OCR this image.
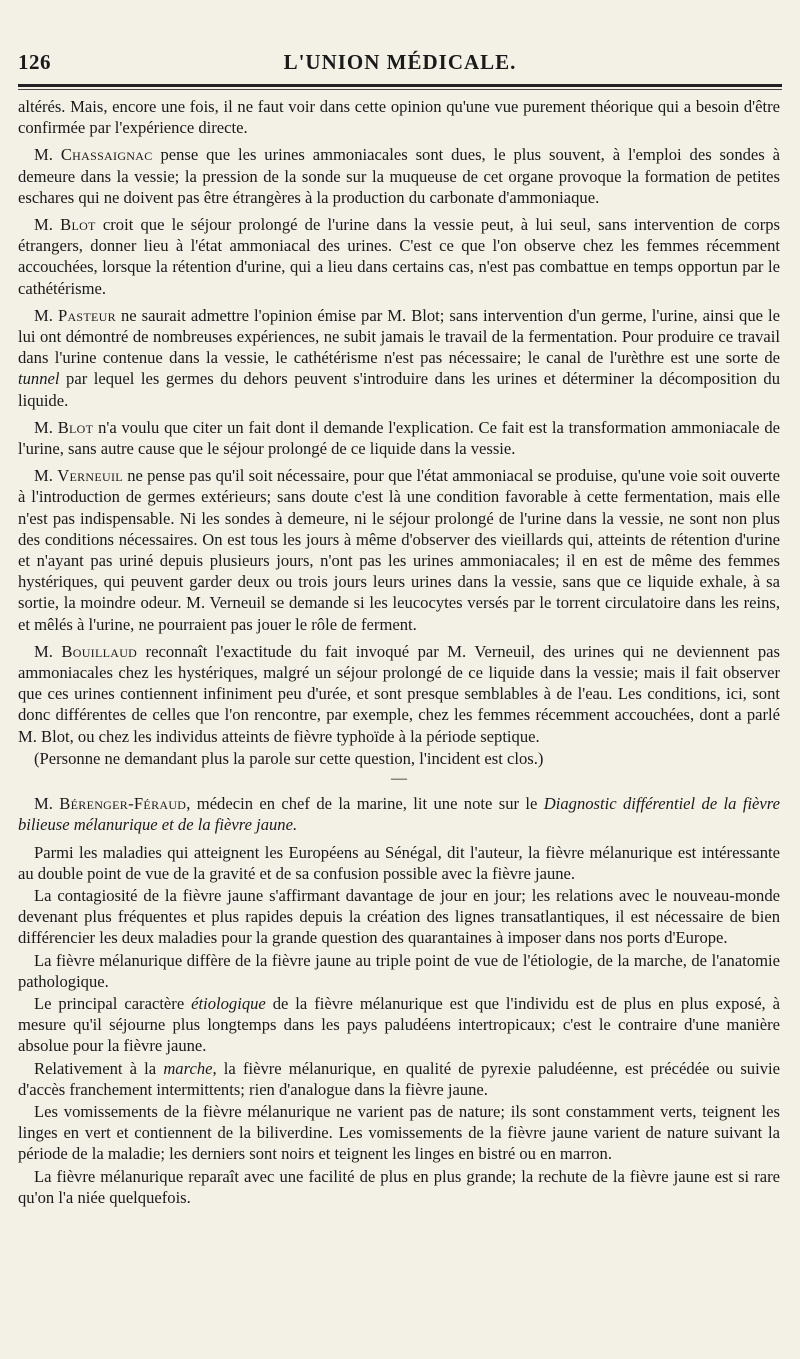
126	L'UNION MÉDICALE.

altérés. Mais, encore une fois, il ne faut voir dans cette opinion qu'une vue purement théorique qui a besoin d'être confirmée par l'expérience directe.

M. Chassaignac pense que les urines ammoniacales sont dues, le plus souvent, à l'emploi des sondes à demeure dans la vessie; la pression de la sonde sur la muqueuse de cet organe provoque la formation de petites eschares qui ne doivent pas être étrangères à la production du carbonate d'ammoniaque.

M. Blot croit que le séjour prolongé de l'urine dans la vessie peut, à lui seul, sans intervention de corps étrangers, donner lieu à l'état ammoniacal des urines. C'est ce que l'on observe chez les femmes récemment accouchées, lorsque la rétention d'urine, qui a lieu dans certains cas, n'est pas combattue en temps opportun par le cathétérisme.

M. Pasteur ne saurait admettre l'opinion émise par M. Blot; sans intervention d'un germe, l'urine, ainsi que le lui ont démontré de nombreuses expériences, ne subit jamais le travail de la fermentation. Pour produire ce travail dans l'urine contenue dans la vessie, le cathétérisme n'est pas nécessaire; le canal de l'urèthre est une sorte de tunnel par lequel les germes du dehors peuvent s'introduire dans les urines et déterminer la décomposition du liquide.

M. Blot n'a voulu que citer un fait dont il demande l'explication. Ce fait est la transformation ammoniacale de l'urine, sans autre cause que le séjour prolongé de ce liquide dans la vessie.

M. Verneuil ne pense pas qu'il soit nécessaire, pour que l'état ammoniacal se produise, qu'une voie soit ouverte à l'introduction de germes extérieurs; sans doute c'est là une condition favorable à cette fermentation, mais elle n'est pas indispensable. Ni les sondes à demeure, ni le séjour prolongé de l'urine dans la vessie, ne sont non plus des conditions nécessaires. On est tous les jours à même d'observer des vieillards qui, atteints de rétention d'urine et n'ayant pas uriné depuis plusieurs jours, n'ont pas les urines ammoniacales; il en est de même des femmes hystériques, qui peuvent garder deux ou trois jours leurs urines dans la vessie, sans que ce liquide exhale, à sa sortie, la moindre odeur. M. Verneuil se demande si les leucocytes versés par le torrent circulatoire dans les reins, et mêlés à l'urine, ne pourraient pas jouer le rôle de ferment.

M. Bouillaud reconnaît l'exactitude du fait invoqué par M. Verneuil, des urines qui ne deviennent pas ammoniacales chez les hystériques, malgré un séjour prolongé de ce liquide dans la vessie; mais il fait observer que ces urines contiennent infiniment peu d'urée, et sont presque semblables à de l'eau. Les conditions, ici, sont donc différentes de celles que l'on rencontre, par exemple, chez les femmes récemment accouchées, dont a parlé M. Blot, ou chez les individus atteints de fièvre typhoïde à la période septique.

(Personne ne demandant plus la parole sur cette question, l'incident est clos.)

—

M. Bérenger-Féraud, médecin en chef de la marine, lit une note sur le Diagnostic différentiel de la fièvre bilieuse mélanurique et de la fièvre jaune.

Parmi les maladies qui atteignent les Européens au Sénégal, dit l'auteur, la fièvre mélanurique est intéressante au double point de vue de la gravité et de sa confusion possible avec la fièvre jaune.

La contagiosité de la fièvre jaune s'affirmant davantage de jour en jour; les relations avec le nouveau-monde devenant plus fréquentes et plus rapides depuis la création des lignes transatlantiques, il est nécessaire de bien différencier les deux maladies pour la grande question des quarantaines à imposer dans nos ports d'Europe.

La fièvre mélanurique diffère de la fièvre jaune au triple point de vue de l'étiologie, de la marche, de l'anatomie pathologique.

Le principal caractère étiologique de la fièvre mélanurique est que l'individu est de plus en plus exposé, à mesure qu'il séjourne plus longtemps dans les pays paludéens intertropicaux; c'est le contraire d'une manière absolue pour la fièvre jaune.

Relativement à la marche, la fièvre mélanurique, en qualité de pyrexie paludéenne, est précédée ou suivie d'accès franchement intermittents; rien d'analogue dans la fièvre jaune.

Les vomissements de la fièvre mélanurique ne varient pas de nature; ils sont constamment verts, teignent les linges en vert et contiennent de la biliverdine. Les vomissements de la fièvre jaune varient de nature suivant la période de la maladie; les derniers sont noirs et teignent les linges en bistré ou en marron.

La fièvre mélanurique reparaît avec une facilité de plus en plus grande; la rechute de la fièvre jaune est si rare qu'on l'a niée quelquefois.
